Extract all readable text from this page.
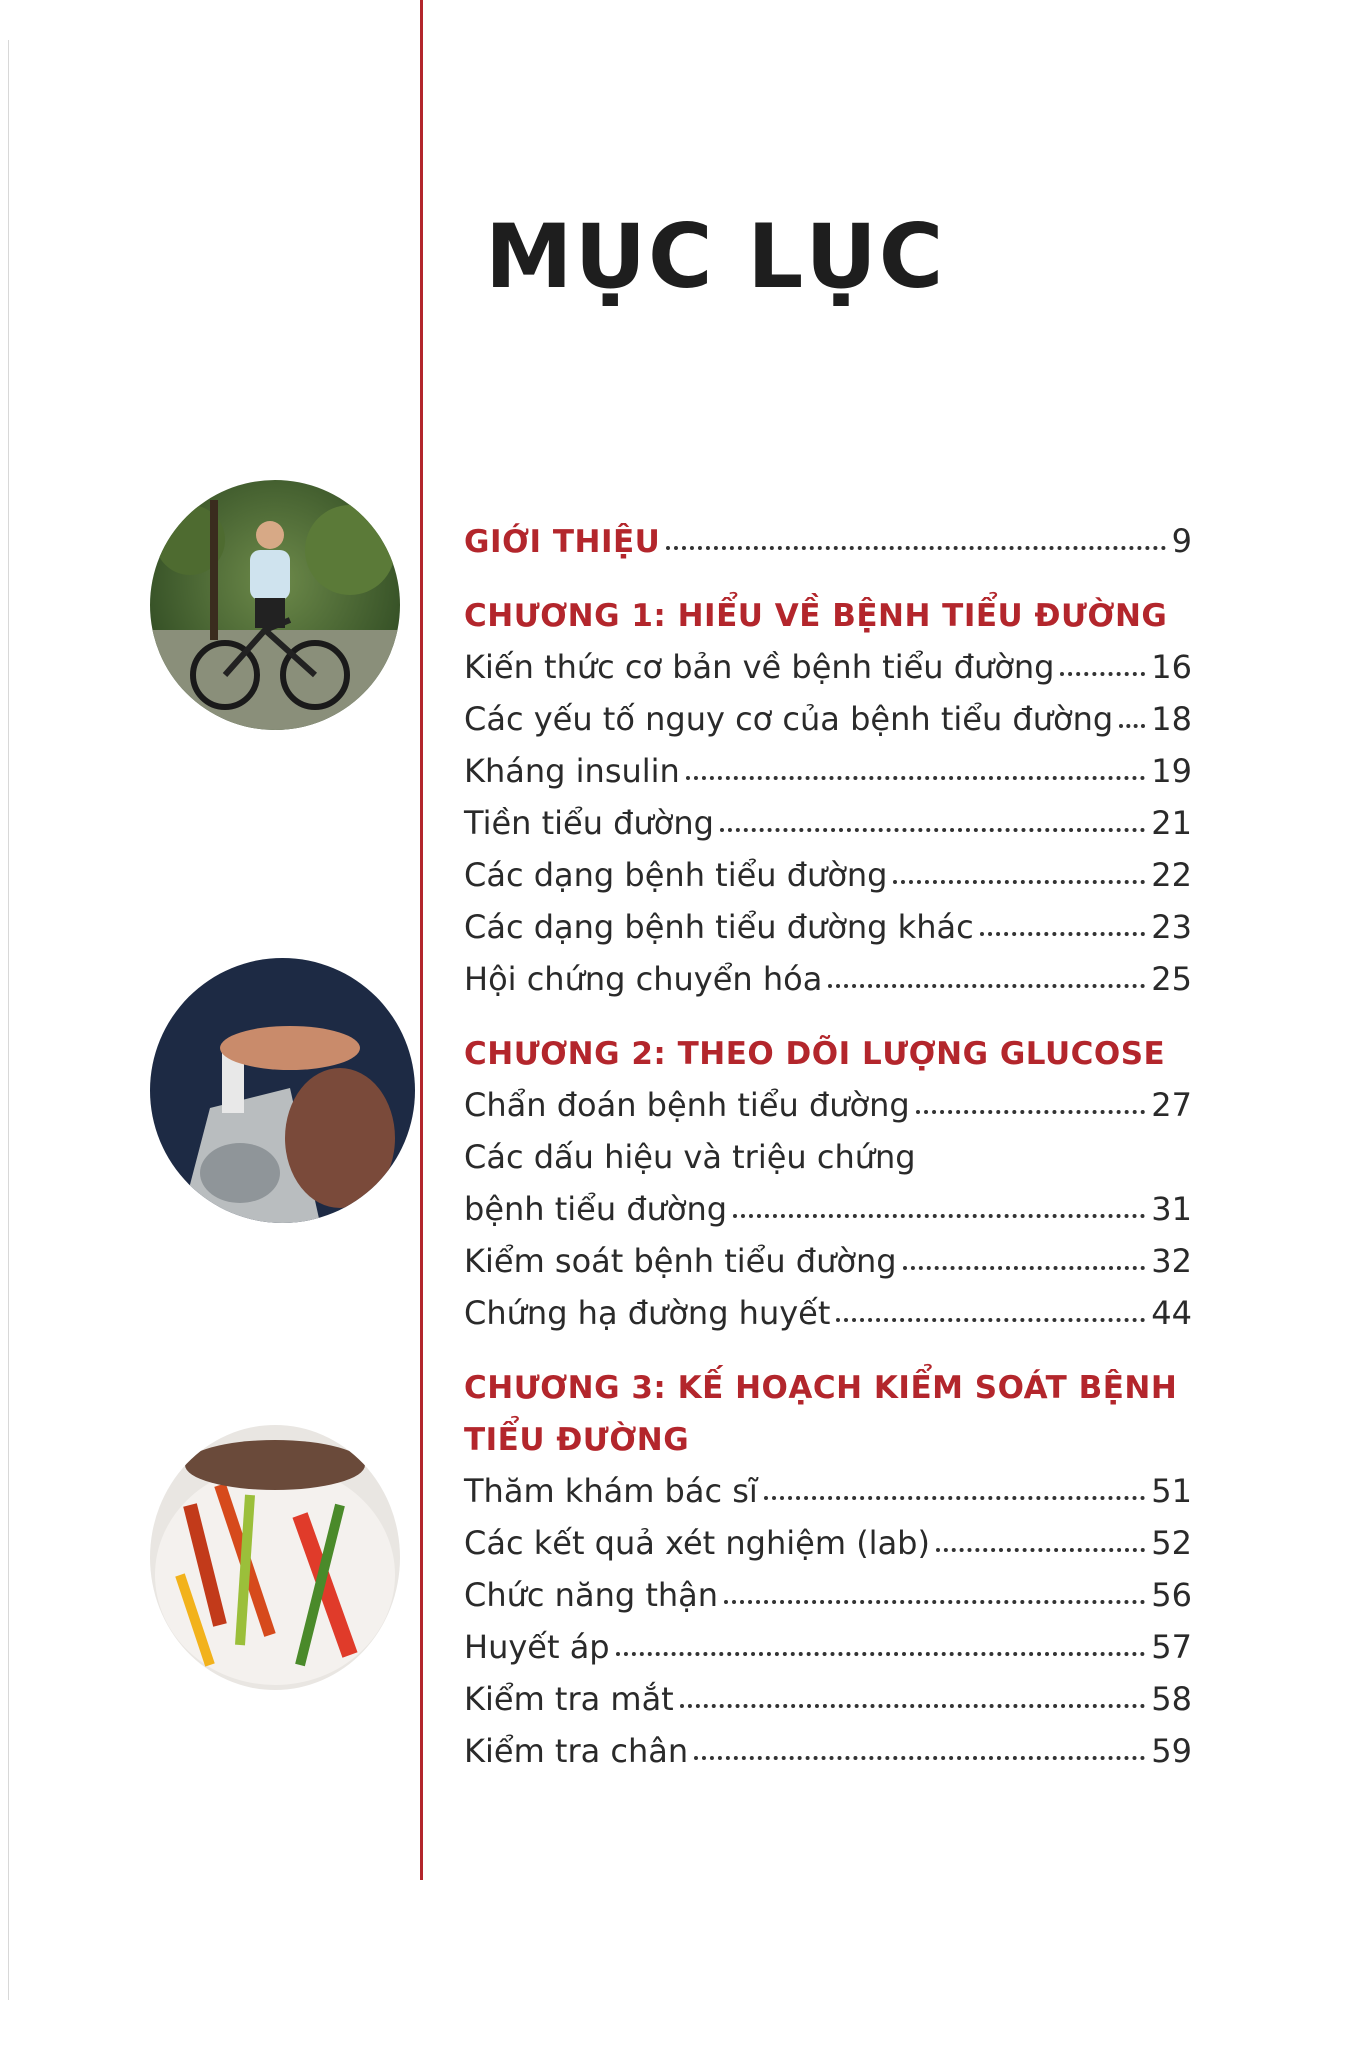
MỤC LỤC
GIỚI THIỆU	9
CHƯƠNG 1: HIỂU VỀ BỆNH TIỂU ĐƯỜNG
Kiến thức cơ bản về bệnh tiểu đường	16
Các yếu tố nguy cơ của bệnh tiểu đường 18
Kháng insulin	19
Tiền tiểu đường	21
Các dạng bệnh tiểu đường	22
Các dạng bệnh tiểu đường khác	23
Hội chứng chuyển hóa	25
CHƯƠNG 2: THEO DÕI LƯỢNG GLUCOSE
Chẩn đoán bệnh tiểu đường	27
Các dấu hiệu và triệu chứng
bệnh tiểu đường	31
Kiểm soát bệnh tiểu đường	32
Chứng hạ đường huyết	44
CHƯƠNG 3: KẾ HOẠCH KIỂM SOÁT BỆNH
TIỂU ĐƯỜNG
Thăm khám bác sĩ	51
Các kết quả xét nghiệm (lab)	52
Chức năng thận	56
Huyết áp	57
Kiểm tra mắt	58
Kiểm tra chân	59
